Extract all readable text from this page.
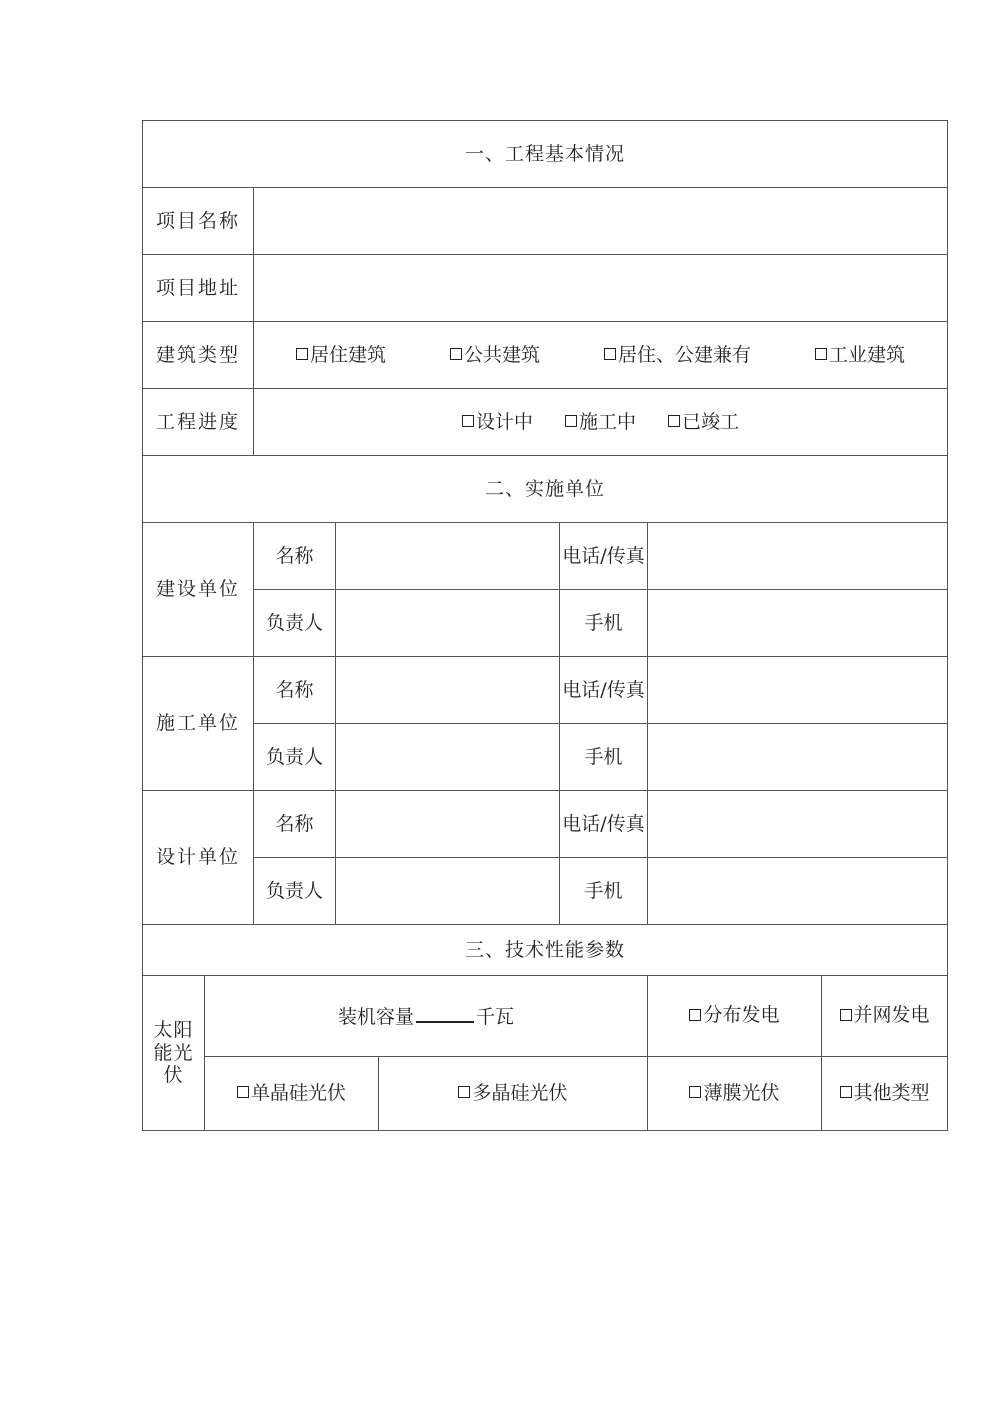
一、工程基本情况							
项目名称							
项目地址							
建筑类型		居住建筑 公共建筑 居住、公建兼有 工业建筑					

工程进度		设计中 施工中 已竣工					

二、实施单位							
建设单位		名称			电话/传真		
		负责人			手机		
施工单位		名称			电话/传真		
		负责人			手机		
设计单位		名称			电话/传真		
		负责人			手机		
三、技术性能参数							

太阳
能光
伏	装机容量 千瓦					分布发电	并网发电

	单晶硅光伏			多晶硅光伏		薄膜光伏	其他类型
